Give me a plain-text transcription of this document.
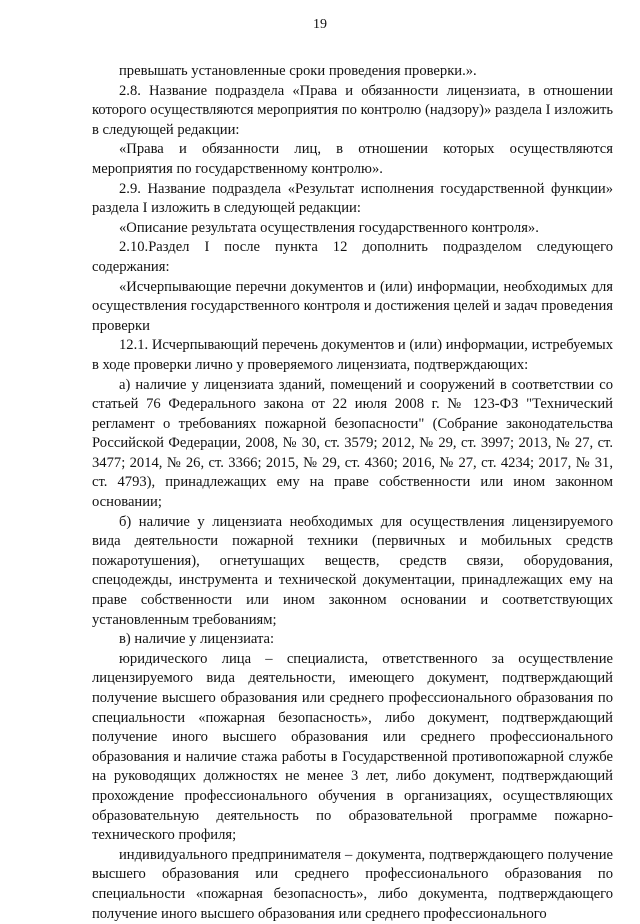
19

превышать установленные сроки проведения проверки.».

2.8. Название подраздела «Права и обязанности лицензиата, в отношении которого осуществляются мероприятия по контролю (надзору)» раздела I изложить в следующей редакции:

«Права и обязанности лиц, в отношении которых осуществляются мероприятия по государственному контролю».

2.9. Название подраздела «Результат исполнения государственной функции» раздела I изложить в следующей редакции:

«Описание результата осуществления государственного контроля».

2.10.Раздел I после пункта 12 дополнить подразделом следующего содержания:

«Исчерпывающие перечни документов и (или) информации, необходимых для осуществления государственного контроля и достижения целей и задач проведения проверки

12.1. Исчерпывающий перечень документов и (или) информации, истребуемых в ходе проверки лично у проверяемого лицензиата, подтверждающих:

а) наличие у лицензиата зданий, помещений и сооружений в соответствии со статьей 76 Федерального закона от 22 июля 2008 г. № 123-ФЗ "Технический регламент о требованиях пожарной безопасности" (Собрание законодательства Российской Федерации, 2008, № 30, ст. 3579; 2012, № 29, ст. 3997; 2013, № 27, ст. 3477; 2014, № 26, ст. 3366; 2015, № 29, ст. 4360; 2016, № 27, ст. 4234; 2017, № 31, ст. 4793), принадлежащих ему на праве собственности или ином законном основании;

б) наличие у лицензиата необходимых для осуществления лицензируемого вида деятельности пожарной техники (первичных и мобильных средств пожаротушения), огнетушащих веществ, средств связи, оборудования, спецодежды, инструмента и технической документации, принадлежащих ему на праве собственности или ином законном основании и соответствующих установленным требованиям;

в) наличие у лицензиата:

юридического лица – специалиста, ответственного за осуществление лицензируемого вида деятельности, имеющего документ, подтверждающий получение высшего образования или среднего профессионального образования по специальности «пожарная безопасность», либо документ, подтверждающий получение иного высшего образования или среднего профессионального образования и наличие стажа работы в Государственной противопожарной службе на руководящих должностях не менее 3 лет, либо документ, подтверждающий прохождение профессионального обучения в организациях, осуществляющих образовательную деятельность по образовательной программе пожарно-технического профиля;

индивидуального предпринимателя – документа, подтверждающего получение высшего образования или среднего профессионального образования по специальности «пожарная безопасность», либо документа, подтверждающего получение иного высшего образования или среднего профессионального
